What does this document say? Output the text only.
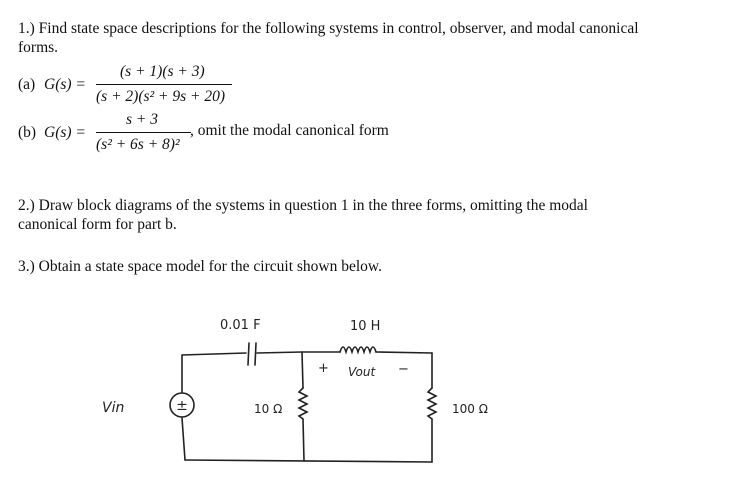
1.) Find state space descriptions for the following systems in control, observer, and modal canonical
forms.
(a) G(s) =
(s + 1)(s + 3)
(s + 2)(s² + 9s + 20)
(b) G(s) =
s + 3
(s² + 6s + 8)²
, omit the modal canonical form
2.) Draw block diagrams of the systems in question 1 in the three forms, omitting the modal
canonical form for part b.
3.) Obtain a state space model for the circuit shown below.
±
0.01 F	10 H
+ Vout −
Vin	10 Ω	100 Ω
